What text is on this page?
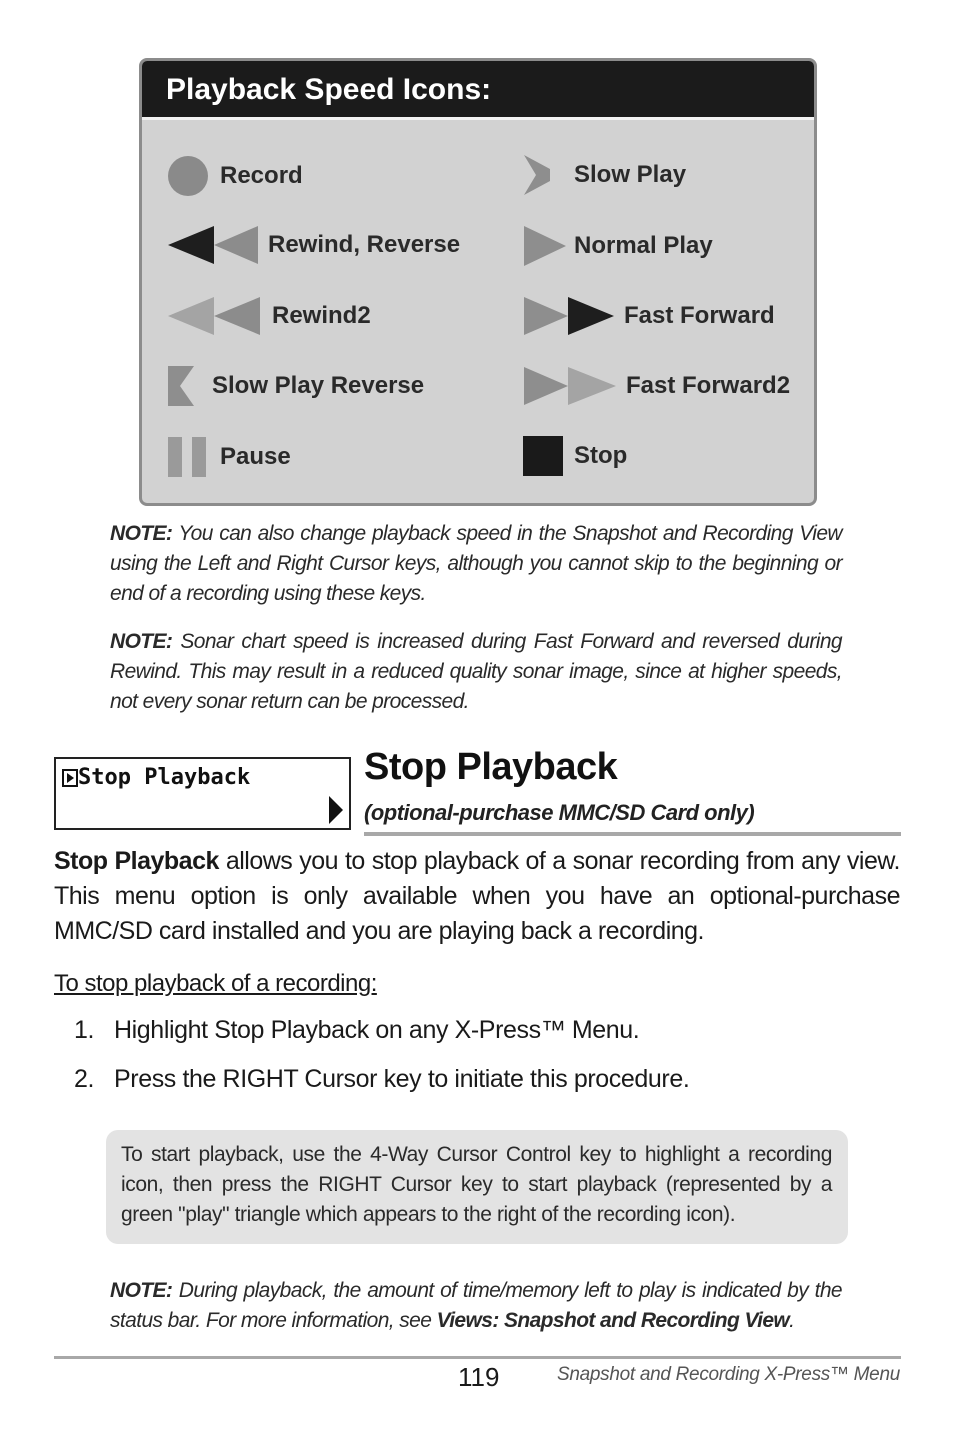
Playback Speed Icons:
Record
Rewind, Reverse
Rewind2
Slow Play Reverse
Pause
Slow Play
Normal Play
Fast Forward
Fast Forward2
Stop
NOTE: You can also change playback speed in the Snapshot and Recording View using the Left and Right Cursor keys, although you cannot skip to the beginning or end of a recording using these keys.
NOTE: Sonar chart speed is increased during Fast Forward and reversed during Rewind. This may result in a reduced quality sonar image, since at higher speeds, not every sonar return can be processed.
Stop Playback	Stop Playback
(optional-purchase MMC/SD Card only)
Stop Playback allows you to stop playback of a sonar recording from any view. This menu option is only available when you have an optional-purchase MMC/SD card installed and you are playing back a recording.
To stop playback of a recording:
1. Highlight Stop Playback on any X-Press™ Menu.
2. Press the RIGHT Cursor key to initiate this procedure.
To start playback, use the 4-Way Cursor Control key to highlight a recording icon, then press the RIGHT Cursor key to start playback (represented by a green "play" triangle which appears to the right of the recording icon).
NOTE: During playback, the amount of time/memory left to play is indicated by the status bar. For more information, see Views: Snapshot and Recording View.
119	Snapshot and Recording X-Press™ Menu
